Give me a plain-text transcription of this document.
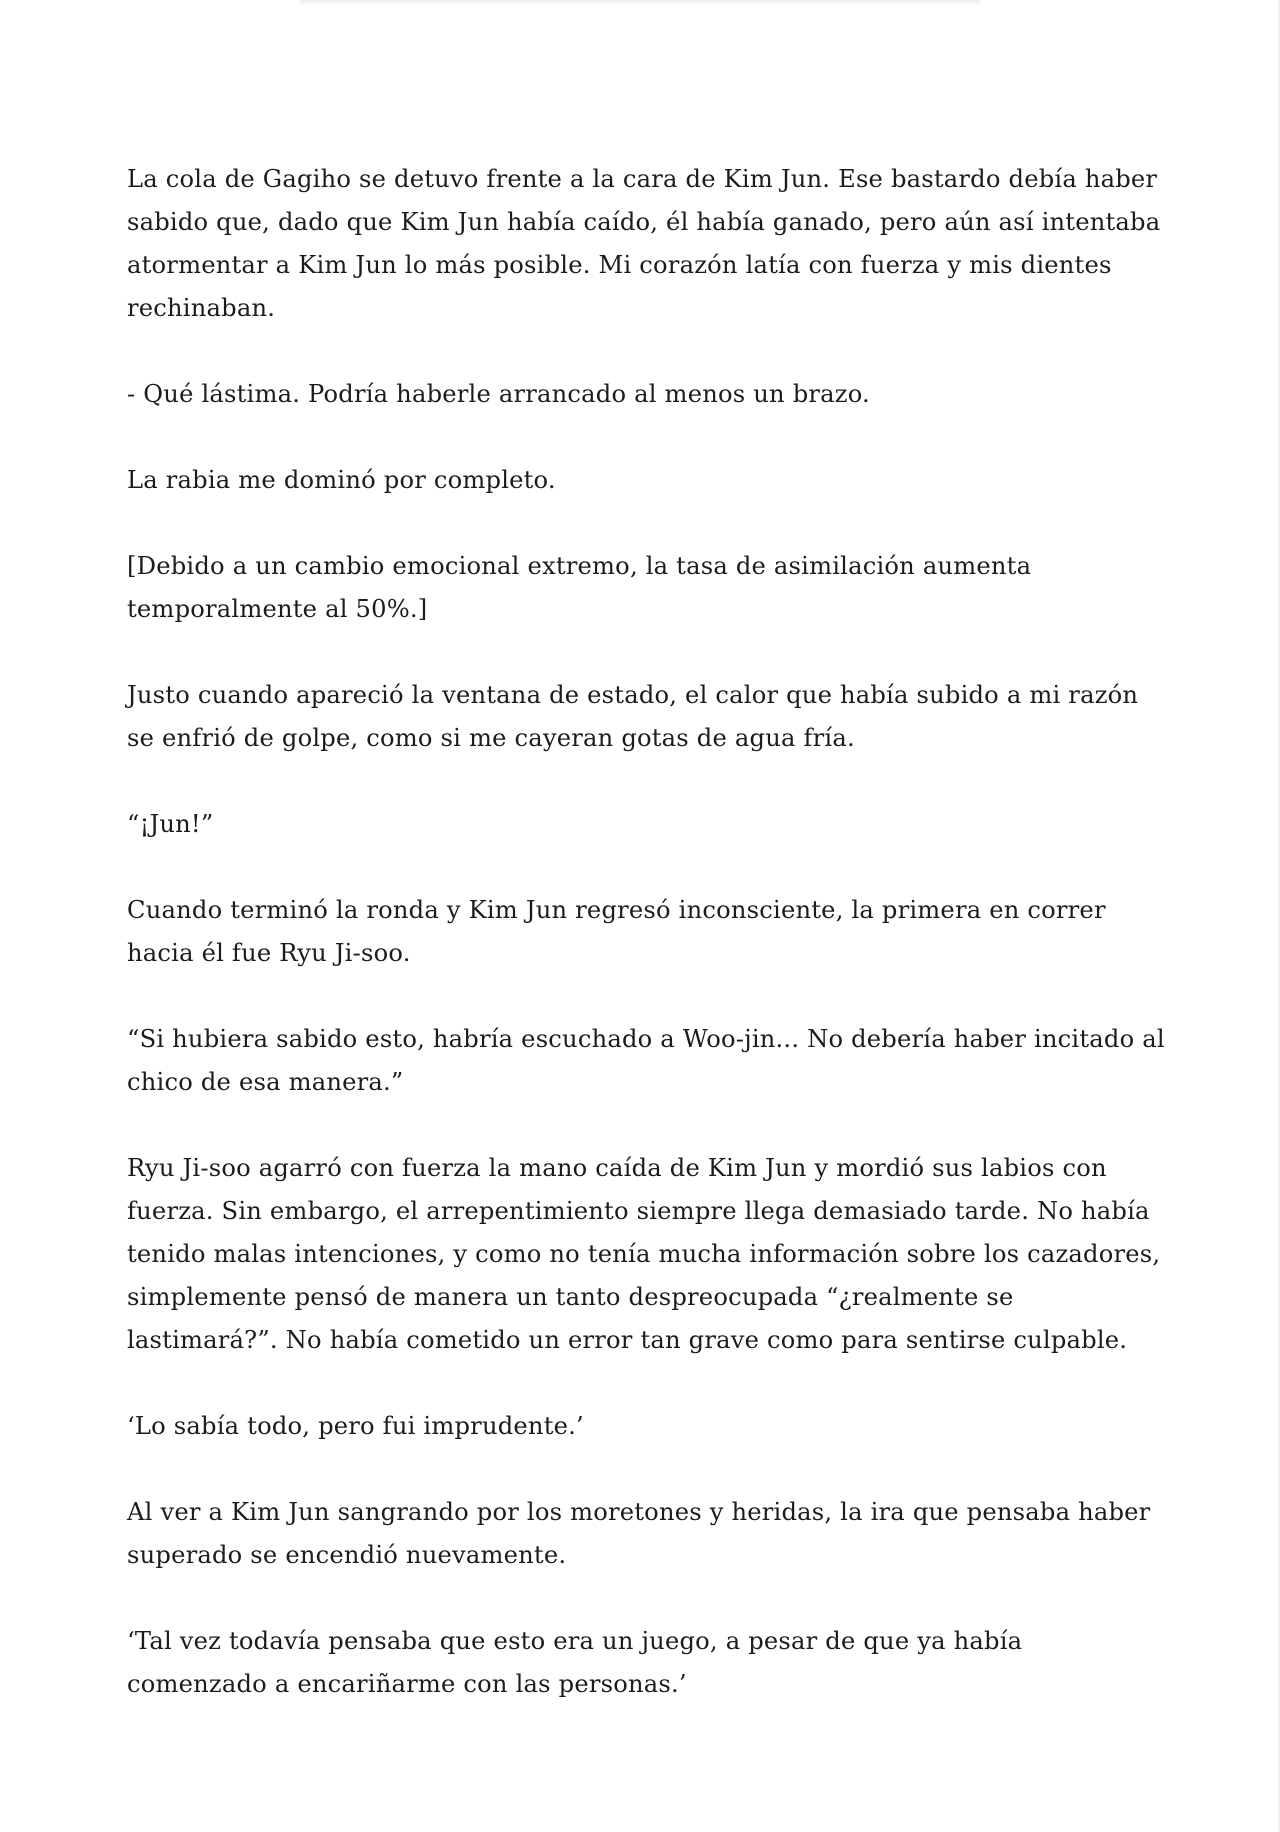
La cola de Gagiho se detuvo frente a la cara de Kim Jun. Ese bastardo debía haber sabido que, dado que Kim Jun había caído, él había ganado, pero aún así intentaba atormentar a Kim Jun lo más posible. Mi corazón latía con fuerza y mis dientes rechinaban.

- Qué lástima. Podría haberle arrancado al menos un brazo.

La rabia me dominó por completo.

[Debido a un cambio emocional extremo, la tasa de asimilación aumenta temporalmente al 50%.]

Justo cuando apareció la ventana de estado, el calor que había subido a mi razón se enfrió de golpe, como si me cayeran gotas de agua fría.

“¡Jun!”

Cuando terminó la ronda y Kim Jun regresó inconsciente, la primera en correr hacia él fue Ryu Ji-soo.

“Si hubiera sabido esto, habría escuchado a Woo-jin... No debería haber incitado al chico de esa manera.”

Ryu Ji-soo agarró con fuerza la mano caída de Kim Jun y mordió sus labios con fuerza. Sin embargo, el arrepentimiento siempre llega demasiado tarde. No había tenido malas intenciones, y como no tenía mucha información sobre los cazadores, simplemente pensó de manera un tanto despreocupada “¿realmente se lastimará?”. No había cometido un error tan grave como para sentirse culpable.

‘Lo sabía todo, pero fui imprudente.’

Al ver a Kim Jun sangrando por los moretones y heridas, la ira que pensaba haber superado se encendió nuevamente.

‘Tal vez todavía pensaba que esto era un juego, a pesar de que ya había comenzado a encariñarme con las personas.’
